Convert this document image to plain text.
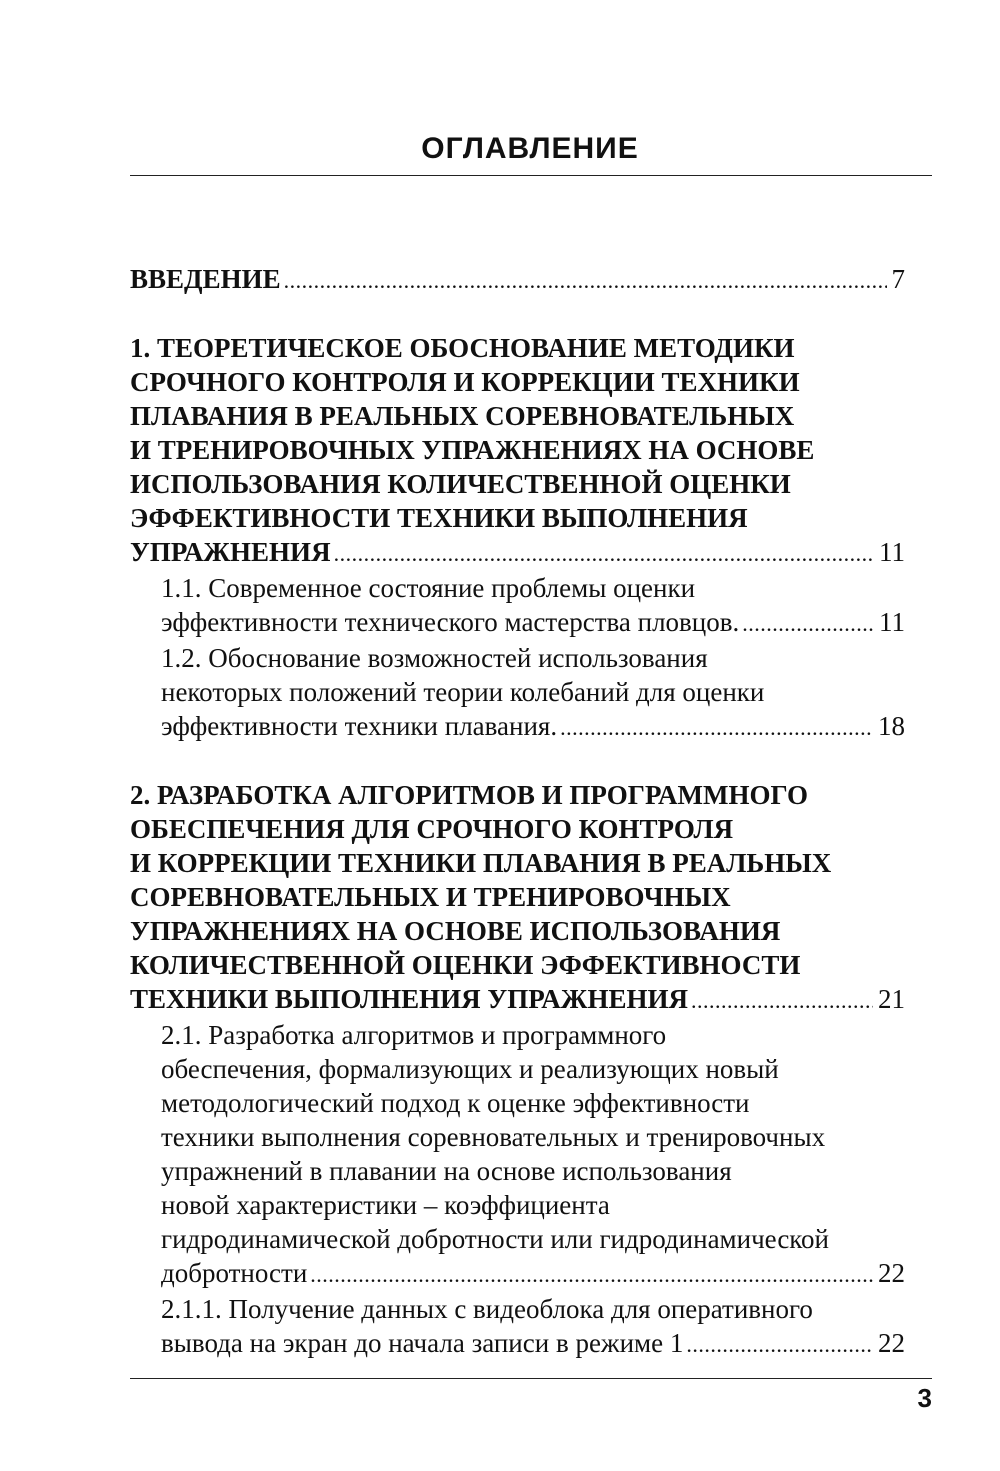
ОГЛАВЛЕНИЕ
ВВЕДЕНИЕ .....	7
1. ТЕОРЕТИЧЕСКОЕ ОБОСНОВАНИЕ МЕТОДИКИ
СРОЧНОГО КОНТРОЛЯ И КОРРЕКЦИИ ТЕХНИКИ
ПЛАВАНИЯ В РЕАЛЬНЫХ СОРЕВНОВАТЕЛЬНЫХ
И ТРЕНИРОВОЧНЫХ УПРАЖНЕНИЯХ НА ОСНОВЕ
ИСПОЛЬЗОВАНИЯ КОЛИЧЕСТВЕННОЙ ОЦЕНКИ
ЭФФЕКТИВНОСТИ ТЕХНИКИ ВЫПОЛНЕНИЯ
УПРАЖНЕНИЯ .....	11
1.1. Современное состояние проблемы оценки
эффективности технического мастерства пловцов. .....	11
1.2. Обоснование возможностей использования
некоторых положений теории колебаний для оценки
эффективности техники плавания. .....	18
2. РАЗРАБОТКА АЛГОРИТМОВ И ПРОГРАММНОГО
ОБЕСПЕЧЕНИЯ ДЛЯ СРОЧНОГО КОНТРОЛЯ
И КОРРЕКЦИИ ТЕХНИКИ ПЛАВАНИЯ В РЕАЛЬНЫХ
СОРЕВНОВАТЕЛЬНЫХ И ТРЕНИРОВОЧНЫХ
УПРАЖНЕНИЯХ НА ОСНОВЕ ИСПОЛЬЗОВАНИЯ
КОЛИЧЕСТВЕННОЙ ОЦЕНКИ ЭФФЕКТИВНОСТИ
ТЕХНИКИ ВЫПОЛНЕНИЯ УПРАЖНЕНИЯ .....	21
2.1. Разработка алгоритмов и программного
обеспечения, формализующих и реализующих новый
методологический подход к оценке эффективности
техники выполнения соревновательных и тренировочных
упражнений в плавании на основе использования
новой характеристики – коэффициента
гидродинамической добротности или гидродинамической
добротности .....	22
2.1.1. Получение данных с видеоблока для оперативного
вывода на экран до начала записи в режиме 1 .....	22
3
